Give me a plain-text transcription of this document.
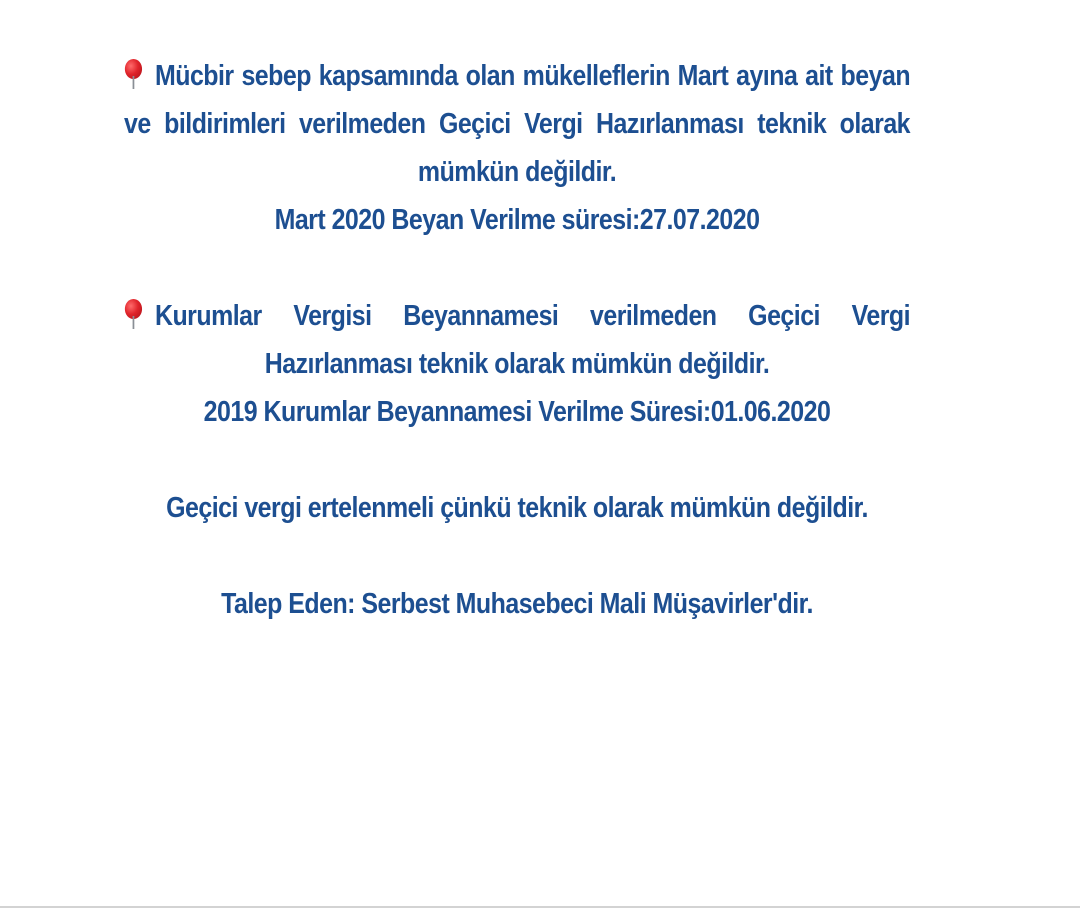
Mücbir sebep kapsamında olan mükelleflerin Mart ayına ait beyan ve bildirimleri verilmeden Geçici Vergi Hazırlanması teknik olarak mümkün değildir.
Mart 2020 Beyan Verilme süresi:27.07.2020
Kurumlar Vergisi Beyannamesi verilmeden Geçici Vergi Hazırlanması teknik olarak mümkün değildir.
2019 Kurumlar Beyannamesi Verilme Süresi:01.06.2020
Geçici vergi ertelenmeli çünkü teknik olarak mümkün değildir.
Talep Eden: Serbest Muhasebeci Mali Müşavirler'dir.
